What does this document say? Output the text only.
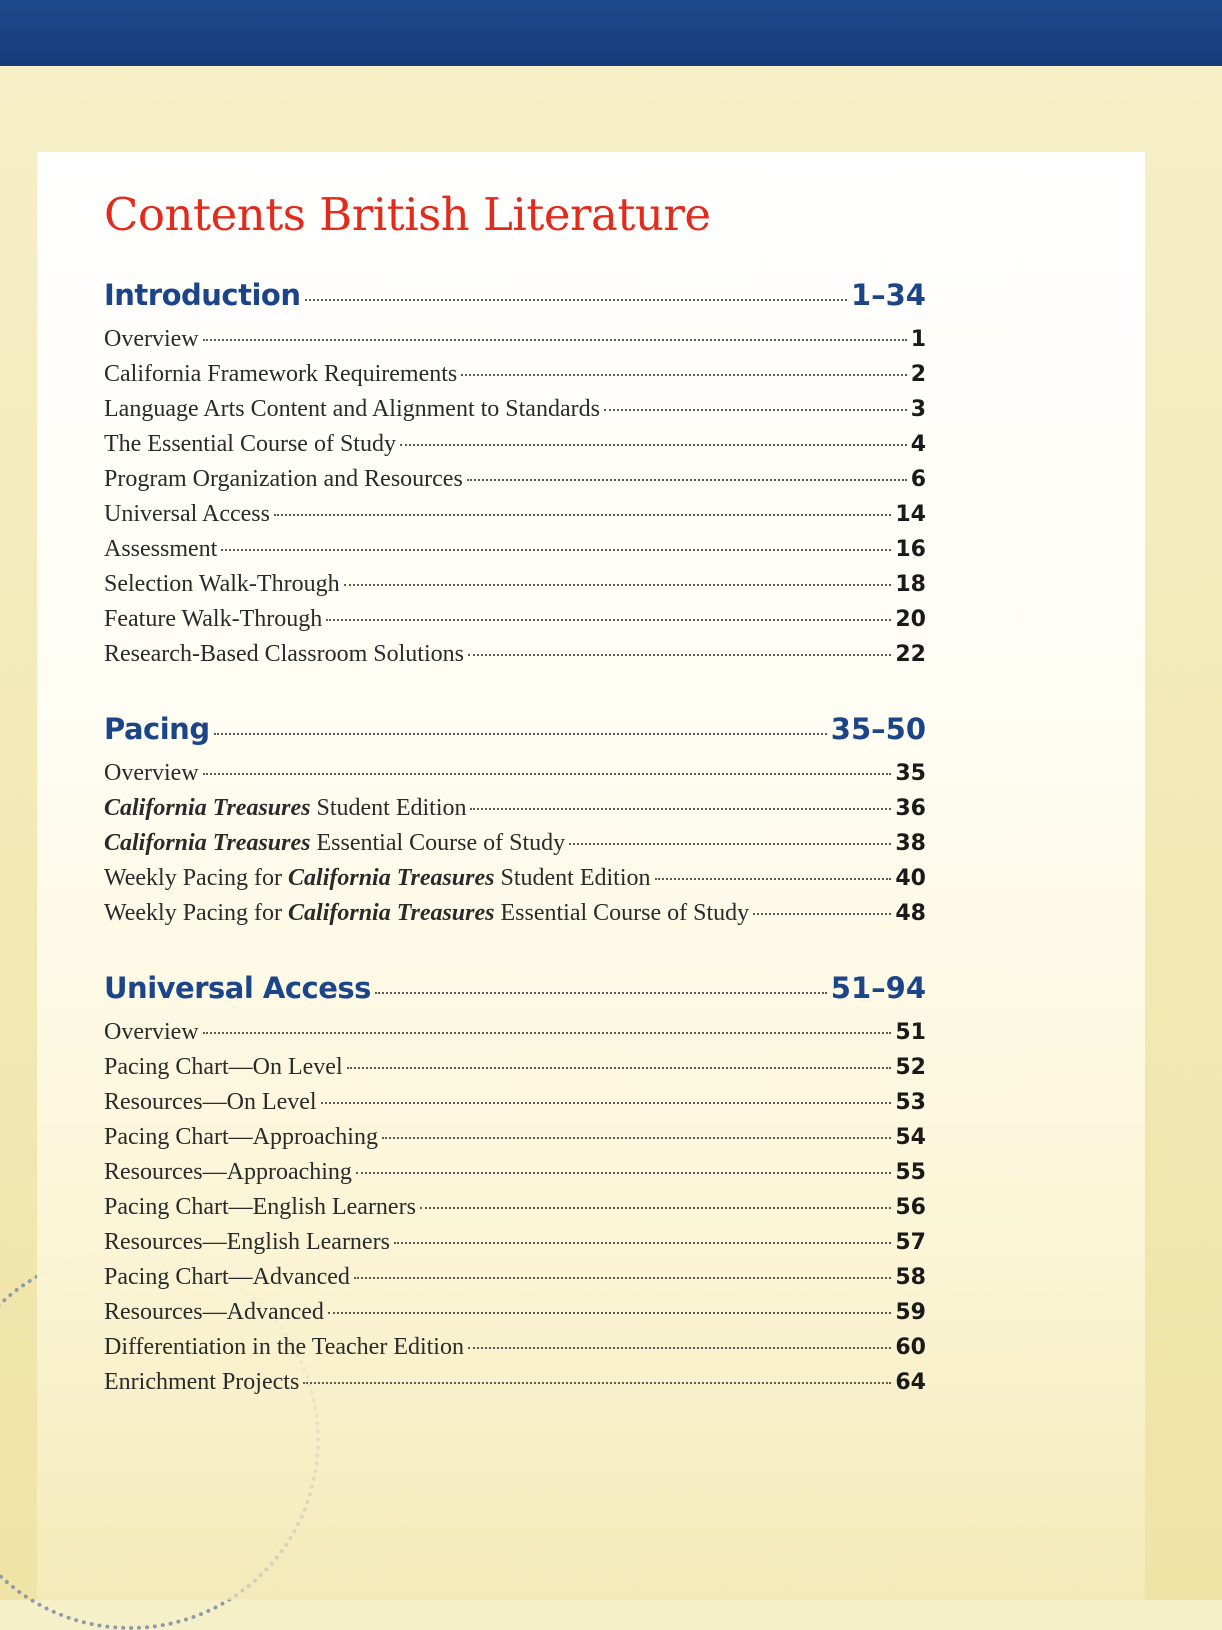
Contents British Literature
Introduction	1–34
Overview	1
California Framework Requirements	2
Language Arts Content and Alignment to Standards	3
The Essential Course of Study	4
Program Organization and Resources	6
Universal Access	14
Assessment	16
Selection Walk-Through	18
Feature Walk-Through	20
Research-Based Classroom Solutions	22
Pacing	35–50
Overview	35
California Treasures Student Edition	36
California Treasures Essential Course of Study	38
Weekly Pacing for California Treasures Student Edition	40
Weekly Pacing for California Treasures Essential Course of Study	48
Universal Access	51–94
Overview	51
Pacing Chart—On Level	52
Resources—On Level	53
Pacing Chart—Approaching	54
Resources—Approaching	55
Pacing Chart—English Learners	56
Resources—English Learners	57
Pacing Chart—Advanced	58
Resources—Advanced	59
Differentiation in the Teacher Edition	60
Enrichment Projects	64
